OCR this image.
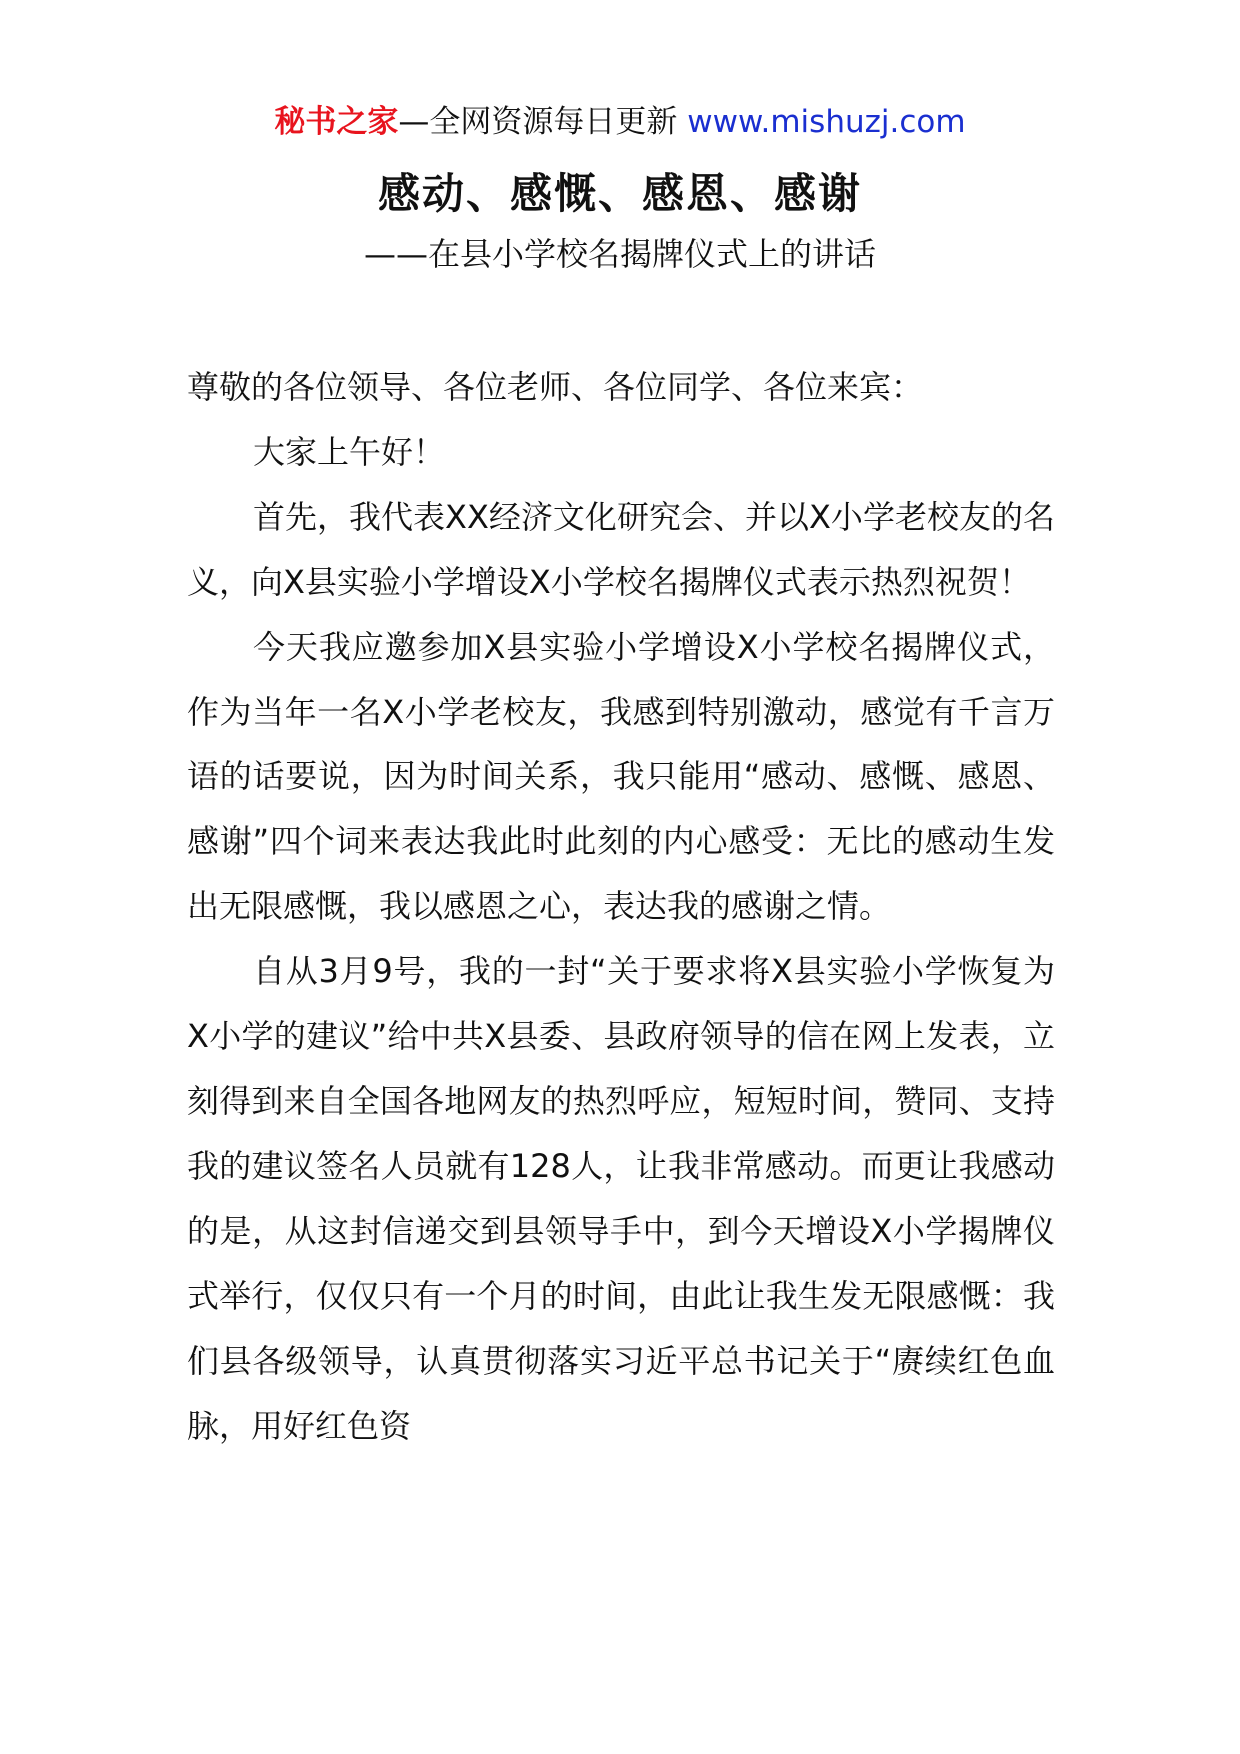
秘书之家—全网资源每日更新 www.mishuzj.com
感动、感慨、感恩、感谢
——在县小学校名揭牌仪式上的讲话

尊敬的各位领导、各位老师、各位同学、各位来宾：

大家上午好！

首先，我代表XX经济文化研究会、并以X小学老校友的名义，向X县实验小学增设X小学校名揭牌仪式表示热烈祝贺！

今天我应邀参加X县实验小学增设X小学校名揭牌仪式，作为当年一名X小学老校友，我感到特别激动，感觉有千言万语的话要说，因为时间关系，我只能用“感动、感慨、感恩、感谢”四个词来表达我此时此刻的内心感受：无比的感动生发出无限感慨，我以感恩之心，表达我的感谢之情。

自从3月9号，我的一封“关于要求将X县实验小学恢复为X小学的建议”给中共X县委、县政府领导的信在网上发表，立刻得到来自全国各地网友的热烈呼应，短短时间，赞同、支持我的建议签名人员就有128人，让我非常感动。而更让我感动的是，从这封信递交到县领导手中，到今天增设X小学揭牌仪式举行，仅仅只有一个月的时间，由此让我生发无限感慨：我们县各级领导，认真贯彻落实习近平总书记关于“赓续红色血脉，用好红色资
